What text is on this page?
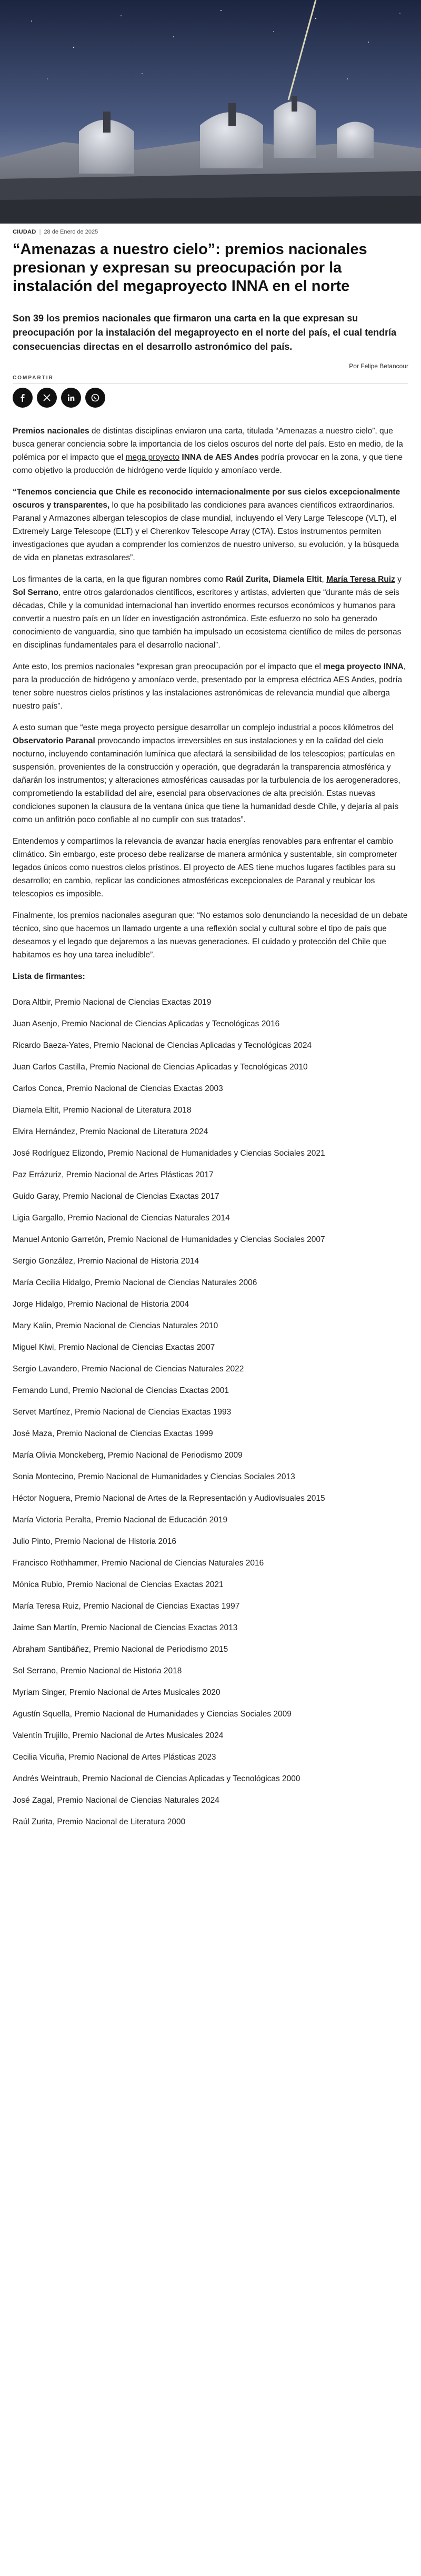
CIUDAD | 28 de Enero de 2025
“Amenazas a nuestro cielo”: premios nacionales presionan y expresan su preocupación por la instalación del megaproyecto INNA en el norte

Son 39 los premios nacionales que firmaron una carta en la que expresan su preocupación por la instalación del megaproyecto en el norte del país, el cual tendría consecuencias directas en el desarrollo astronómico del país.

Por Felipe Betancour
COMPARTIR

Premios nacionales de distintas disciplinas enviaron una carta, titulada “Amenazas a nuestro cielo”, que busca generar conciencia sobre la importancia de los cielos oscuros del norte del país. Esto en medio, de la polémica por el impacto que el mega proyecto INNA de AES Andes podría provocar en la zona, y que tiene como objetivo la producción de hidrógeno verde líquido y amoníaco verde.

“Tenemos conciencia que Chile es reconocido internacionalmente por sus cielos excepcionalmente oscuros y transparentes, lo que ha posibilitado las condiciones para avances científicos extraordinarios. Paranal y Armazones albergan telescopios de clase mundial, incluyendo el Very Large Telescope (VLT), el Extremely Large Telescope (ELT) y el Cherenkov Telescope Array (CTA). Estos instrumentos permiten investigaciones que ayudan a comprender los comienzos de nuestro universo, su evolución, y la búsqueda de vida en planetas extrasolares”.

Los firmantes de la carta, en la que figuran nombres como Raúl Zurita, Diamela Eltit, María Teresa Ruiz y Sol Serrano, entre otros galardonados científicos, escritores y artistas, advierten que “durante más de seis décadas, Chile y la comunidad internacional han invertido enormes recursos económicos y humanos para convertir a nuestro país en un líder en investigación astronómica. Este esfuerzo no solo ha generado conocimiento de vanguardia, sino que también ha impulsado un ecosistema científico de miles de personas en disciplinas fundamentales para el desarrollo nacional”.

Ante esto, los premios nacionales “expresan gran preocupación por el impacto que el mega proyecto INNA, para la producción de hidrógeno y amoníaco verde, presentado por la empresa eléctrica AES Andes, podría tener sobre nuestros cielos prístinos y las instalaciones astronómicas de relevancia mundial que alberga nuestro país”.

A esto suman que “este mega proyecto persigue desarrollar un complejo industrial a pocos kilómetros del Observatorio Paranal provocando impactos irreversibles en sus instalaciones y en la calidad del cielo nocturno, incluyendo contaminación lumínica que afectará la sensibilidad de los telescopios; partículas en suspensión, provenientes de la construcción y operación, que degradarán la transparencia atmosférica y dañarán los instrumentos; y alteraciones atmosféricas causadas por la turbulencia de los aerogeneradores, comprometiendo la estabilidad del aire, esencial para observaciones de alta precisión. Estas nuevas condiciones suponen la clausura de la ventana única que tiene la humanidad desde Chile, y dejaría al país como un anfitrión poco confiable al no cumplir con sus tratados”.

Entendemos y compartimos la relevancia de avanzar hacia energías renovables para enfrentar el cambio climático. Sin embargo, este proceso debe realizarse de manera armónica y sustentable, sin comprometer legados únicos como nuestros cielos prístinos. El proyecto de AES tiene muchos lugares factibles para su desarrollo; en cambio, replicar las condiciones atmosféricas excepcionales de Paranal y reubicar los telescopios es imposible.

Finalmente, los premios nacionales aseguran que: “No estamos solo denunciando la necesidad de un debate técnico, sino que hacemos un llamado urgente a una reflexión social y cultural sobre el tipo de país que deseamos y el legado que dejaremos a las nuevas generaciones. El cuidado y protección del Chile que habitamos es hoy una tarea ineludible”.

Lista de firmantes:

Dora Altbir, Premio Nacional de Ciencias Exactas 2019
Juan Asenjo, Premio Nacional de Ciencias Aplicadas y Tecnológicas 2016
Ricardo Baeza-Yates, Premio Nacional de Ciencias Aplicadas y Tecnológicas 2024
Juan Carlos Castilla, Premio Nacional de Ciencias Aplicadas y Tecnológicas 2010
Carlos Conca, Premio Nacional de Ciencias Exactas 2003
Diamela Eltit, Premio Nacional de Literatura 2018
Elvira Hernández, Premio Nacional de Literatura 2024
José Rodríguez Elizondo, Premio Nacional de Humanidades y Ciencias Sociales 2021
Paz Errázuriz, Premio Nacional de Artes Plásticas 2017
Guido Garay, Premio Nacional de Ciencias Exactas 2017
Ligia Gargallo, Premio Nacional de Ciencias Naturales 2014
Manuel Antonio Garretón, Premio Nacional de Humanidades y Ciencias Sociales 2007
Sergio González, Premio Nacional de Historia 2014
María Cecilia Hidalgo, Premio Nacional de Ciencias Naturales 2006
Jorge Hidalgo, Premio Nacional de Historia 2004
Mary Kalin, Premio Nacional de Ciencias Naturales 2010
Miguel Kiwi, Premio Nacional de Ciencias Exactas 2007
Sergio Lavandero, Premio Nacional de Ciencias Naturales 2022
Fernando Lund, Premio Nacional de Ciencias Exactas 2001
Servet Martínez, Premio Nacional de Ciencias Exactas 1993
José Maza, Premio Nacional de Ciencias Exactas 1999
María Olivia Monckeberg, Premio Nacional de Periodismo 2009
Sonia Montecino, Premio Nacional de Humanidades y Ciencias Sociales 2013
Héctor Noguera, Premio Nacional de Artes de la Representación y Audiovisuales 2015
María Victoria Peralta, Premio Nacional de Educación 2019
Julio Pinto, Premio Nacional de Historia 2016
Francisco Rothhammer, Premio Nacional de Ciencias Naturales 2016
Mónica Rubio, Premio Nacional de Ciencias Exactas 2021
María Teresa Ruiz, Premio Nacional de Ciencias Exactas 1997
Jaime San Martín, Premio Nacional de Ciencias Exactas 2013
Abraham Santibáñez, Premio Nacional de Periodismo 2015
Sol Serrano, Premio Nacional de Historia 2018
Myriam Singer, Premio Nacional de Artes Musicales 2020
Agustín Squella, Premio Nacional de Humanidades y Ciencias Sociales 2009
Valentín Trujillo, Premio Nacional de Artes Musicales 2024
Cecilia Vicuña, Premio Nacional de Artes Plásticas 2023
Andrés Weintraub, Premio Nacional de Ciencias Aplicadas y Tecnológicas 2000
José Zagal, Premio Nacional de Ciencias Naturales 2024
Raúl Zurita, Premio Nacional de Literatura 2000
